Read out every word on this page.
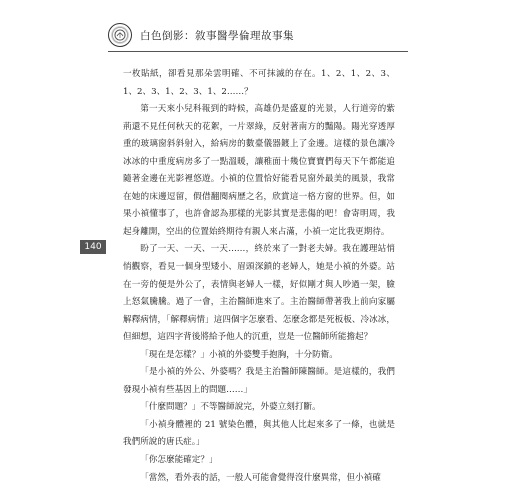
白色倒影：敘事醫學倫理故事集
140

一枚貼紙，卻看見那朵雲明確、不可抹滅的存在。1、2、1、2、3、1、2、3、1、2、3、1、2……？

第一天來小兒科報到的時候，高雄仍是盛夏的光景，人行道旁的紫荊還不見任何秋天的花絮，一片翠綠，反射著南方的豔陽。陽光穿透厚重的玻璃窗斜斜射入，給病房的數臺儀器鍍上了金邊。這樣的景色讓冷冰冰的中重度病房多了一點溫暖，讓稚面十幾位寶寶們每天下午都能追隨著金邊在光影裡悠遊。小禎的位置恰好能看見窗外最美的風景，我常在她的床邊逗留，假借翻閱病歷之名，欣賞這一格方窗的世界。但，如果小禎懂事了，也許會認為那樣的光影其實是悲傷的吧！會寄明周，我起身離開，空出的位置始終期待有親人來占滿，小禎一定比我更期待。

盼了一天、一天、一天……，終於來了一對老夫婦。我在護理站悄悄觀察，看見一個身型矮小、眉頭深鎖的老婦人，她是小禎的外婆。站在一旁的便是外公了，表情與老婦人一樣，好似剛才與人吵過一架，臉上怒氣騰騰。過了一會，主治醫師進來了。主治醫師帶著我上前向家屬解釋病情，「解釋病情」這四個字怎麼看、怎麼念都是死板板、冷冰冰，但細想，這四字背後將給予他人的沉重，豈是一位醫師所能擔起？

「現在是怎樣？」小禎的外婆雙手抱胸，十分防衛。

「是小禎的外公、外婆嗎？我是主治醫師陳醫師。是這樣的，我們發現小禎有些基因上的問題……」

「什麼問題？」不等醫師說完，外婆立刻打斷。

「小禎身體裡的 21 號染色體，與其他人比起來多了一條，也就是我們所說的唐氏症。」

「你怎麼能確定？」

「當然，看外表的話，一般人可能會覺得沒什麼異常，但小禎確
